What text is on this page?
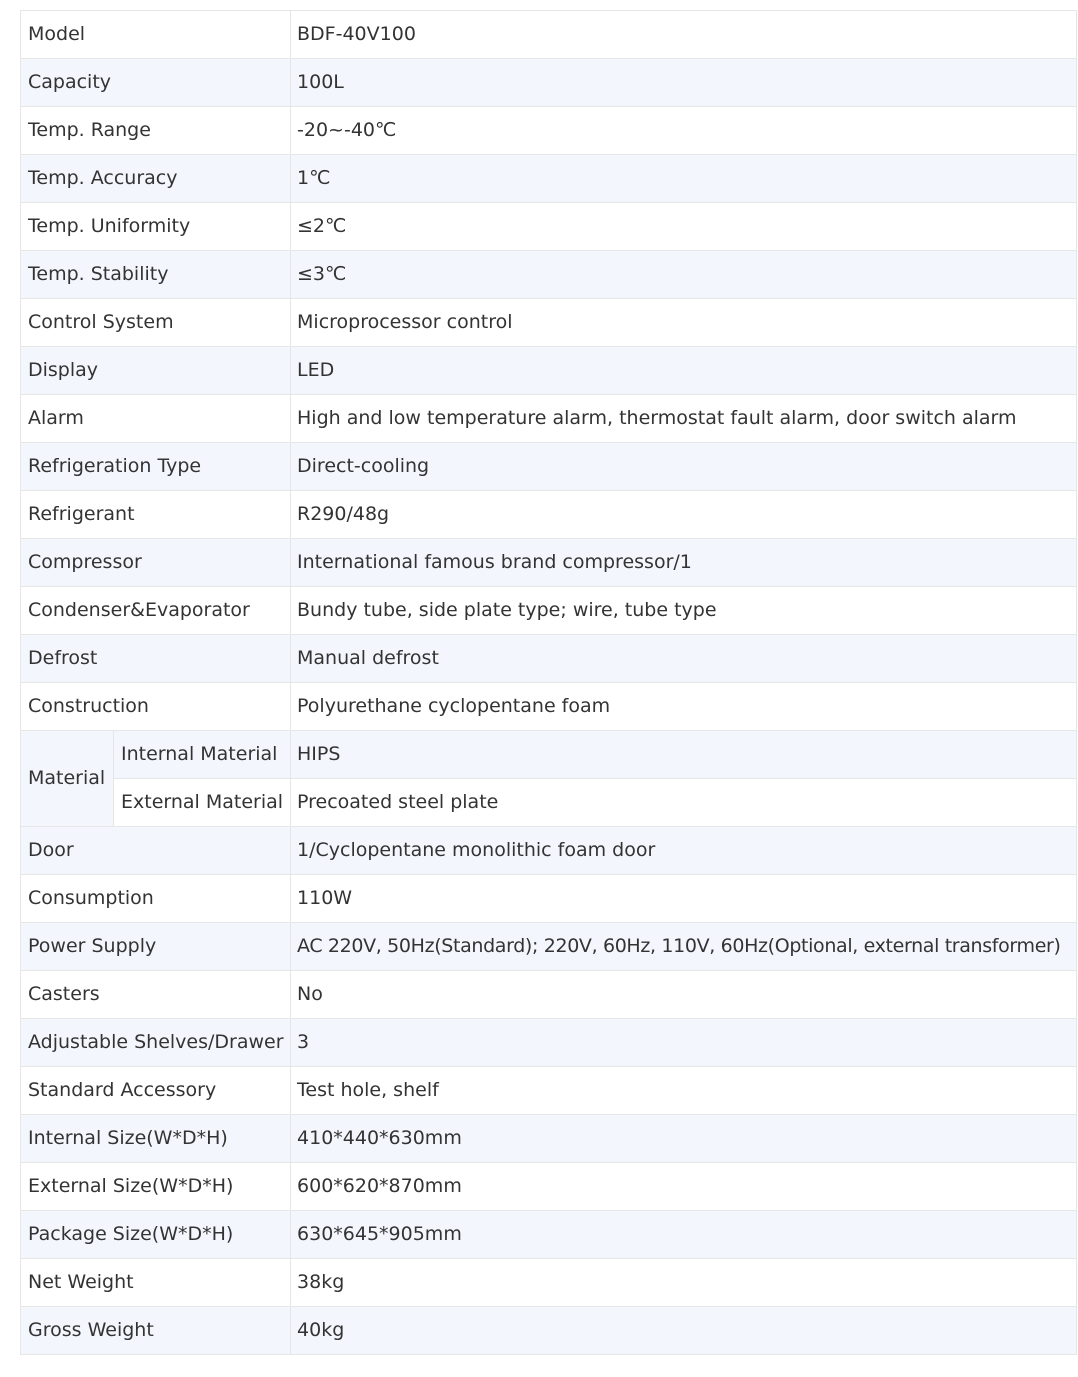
Model		BDF-40V100
Capacity		100L
Temp. Range		-20~-40℃
Temp. Accuracy		1℃
Temp. Uniformity		≤2℃
Temp. Stability		≤3℃
Control System		Microprocessor control
Display		LED
Alarm		High and low temperature alarm, thermostat fault alarm, door switch alarm
Refrigeration Type		Direct-cooling
Refrigerant		R290/48g
Compressor		International famous brand compressor/1
Condenser&Evaporator		Bundy tube, side plate type; wire, tube type
Defrost		Manual defrost
Construction		Polyurethane cyclopentane foam
Material	Internal Material	HIPS
	External Material	Precoated steel plate
Door		1/Cyclopentane monolithic foam door
Consumption		110W
Power Supply		AC 220V, 50Hz(Standard); 220V, 60Hz, 110V, 60Hz(Optional, external transformer)
Casters		No
Adjustable Shelves/Drawer		3
Standard Accessory		Test hole, shelf
Internal Size(W*D*H)		410*440*630mm
External Size(W*D*H)		600*620*870mm
Package Size(W*D*H)		630*645*905mm
Net Weight		38kg
Gross Weight		40kg
